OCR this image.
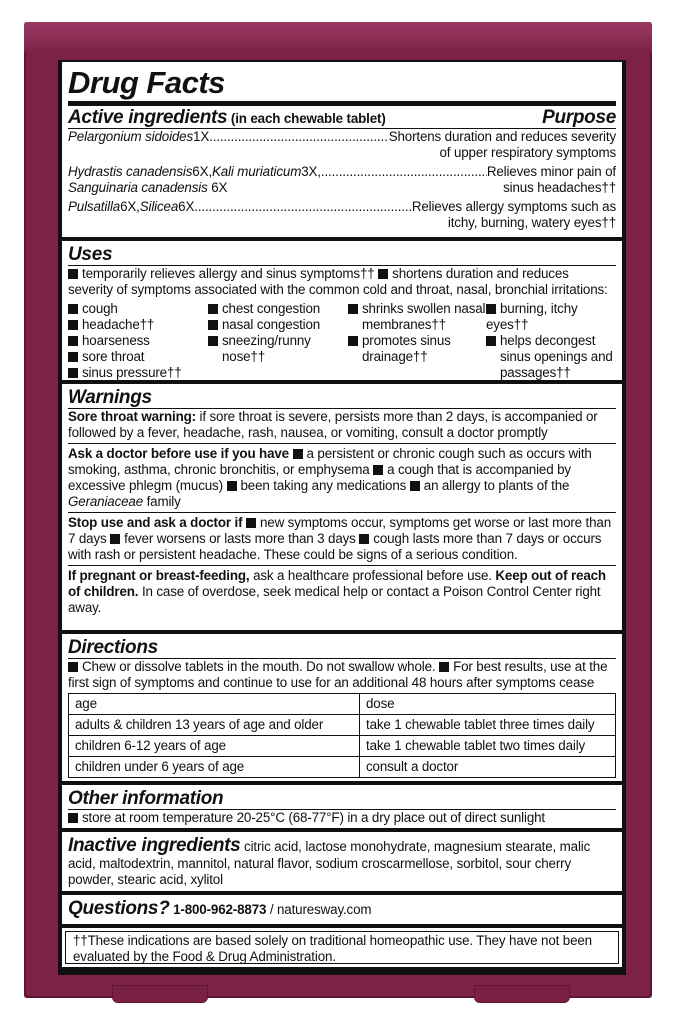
Drug Facts
Active ingredients (in each chewable tablet)	Purpose
Pelargonium sidoides 1X .....	Shortens duration and reduces severity
of upper respiratory symptoms
Hydrastis canadensis 6X, Kali muriaticum 3X, .....	Relieves minor pain of
Sanguinaria canadensis 6X	sinus headaches††
Pulsatilla 6X, Silicea 6X .....	Relieves allergy symptoms such as
itchy, burning, watery eyes††
Uses
temporarily relieves allergy and sinus symptoms†† shortens duration and reduces severity of symptoms associated with the common cold and throat, nasal, bronchial irritations:
cough
headache††
hoarseness
sore throat
sinus pressure††
chest congestion
nasal congestion
sneezing/runny nose††
shrinks swollen nasal membranes††
promotes sinus drainage††
burning, itchy eyes††
helps decongest sinus openings and passages††
Warnings
Sore throat warning: if sore throat is severe, persists more than 2 days, is accompanied or followed by a fever, headache, rash, nausea, or vomiting, consult a doctor promptly
Ask a doctor before use if you have a persistent or chronic cough such as occurs with smoking, asthma, chronic bronchitis, or emphysema a cough that is accompanied by excessive phlegm (mucus) been taking any medications an allergy to plants of the Geraniaceae family
Stop use and ask a doctor if new symptoms occur, symptoms get worse or last more than 7 days fever worsens or lasts more than 3 days cough lasts more than 7 days or occurs with rash or persistent headache. These could be signs of a serious condition.
If pregnant or breast-feeding, ask a healthcare professional before use. Keep out of reach of children. In case of overdose, seek medical help or contact a Poison Control Center right away.
Directions
Chew or dissolve tablets in the mouth. Do not swallow whole. For best results, use at the first sign of symptoms and continue to use for an additional 48 hours after symptoms cease
age	dose
adults & children 13 years of age and older	take 1 chewable tablet three times daily
children 6-12 years of age	take 1 chewable tablet two times daily
children under 6 years of age	consult a doctor
Other information
store at room temperature 20-25°C (68-77°F) in a dry place out of direct sunlight
Inactive ingredients citric acid, lactose monohydrate, magnesium stearate, malic acid, maltodextrin, mannitol, natural flavor, sodium croscarmellose, sorbitol, sour cherry powder, stearic acid, xylitol
Questions? 1-800-962-8873 / naturesway.com
††These indications are based solely on traditional homeopathic use. They have not been evaluated by the Food & Drug Administration.
